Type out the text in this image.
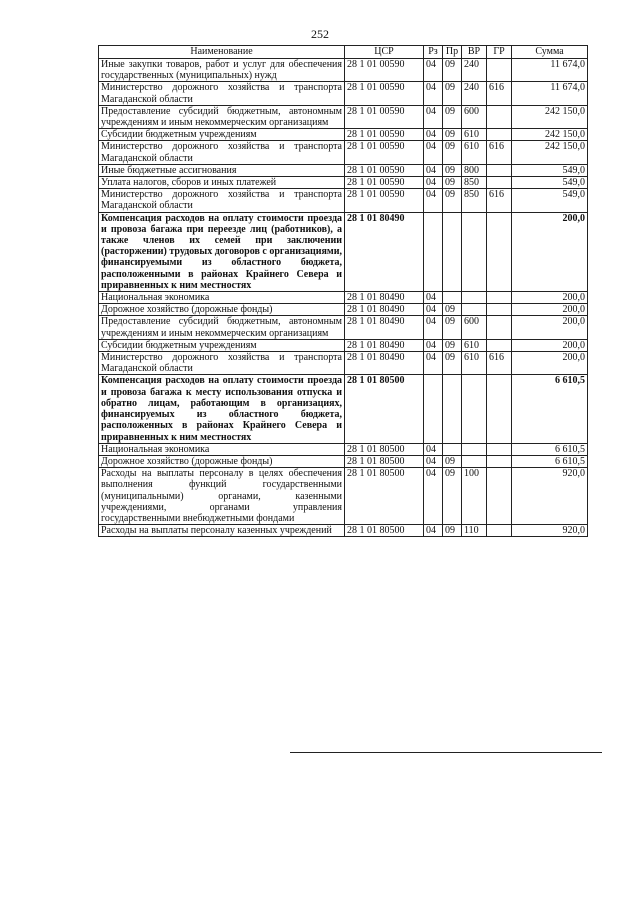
252
Наименование	ЦСР	Рз	Пр	ВР	ГР	Сумма
Иные закупки товаров, работ и услуг для обеспечения государственных (муниципальных) нужд	28 1 01 00590	04	09	240		11 674,0
Министерство дорожного хозяйства и транспорта Магаданской области	28 1 01 00590	04	09	240	616	11 674,0
Предоставление субсидий бюджетным, автономным учреждениям и иным некоммерческим организациям	28 1 01 00590	04	09	600		242 150,0
Субсидии бюджетным учреждениям	28 1 01 00590	04	09	610		242 150,0
Министерство дорожного хозяйства и транспорта Магаданской области	28 1 01 00590	04	09	610	616	242 150,0
Иные бюджетные ассигнования	28 1 01 00590	04	09	800		549,0
Уплата налогов, сборов и иных платежей	28 1 01 00590	04	09	850		549,0
Министерство дорожного хозяйства и транспорта Магаданской области	28 1 01 00590	04	09	850	616	549,0
Компенсация расходов на оплату стоимости проезда и провоза багажа при переезде лиц (работников), а также членов их семей при заключении (расторжении) трудовых договоров с организациями, финансируемыми из областного бюджета, расположенными в районах Крайнего Севера и приравненных к ним местностях	28 1 01 80490					200,0
Национальная экономика	28 1 01 80490	04				200,0
Дорожное хозяйство (дорожные фонды)	28 1 01 80490	04	09			200,0
Предоставление субсидий бюджетным, автономным учреждениям и иным некоммерческим организациям	28 1 01 80490	04	09	600		200,0
Субсидии бюджетным учреждениям	28 1 01 80490	04	09	610		200,0
Министерство дорожного хозяйства и транспорта Магаданской области	28 1 01 80490	04	09	610	616	200,0
Компенсация расходов на оплату стоимости проезда и провоза багажа к месту использования отпуска и обратно лицам, работающим в организациях, финансируемых из областного бюджета, расположенных в районах Крайнего Севера и приравненных к ним местностях	28 1 01 80500					6 610,5
Национальная экономика	28 1 01 80500	04				6 610,5
Дорожное хозяйство (дорожные фонды)	28 1 01 80500	04	09			6 610,5
Расходы на выплаты персоналу в целях обеспечения выполнения функций государственными (муниципальными) органами, казенными учреждениями, органами управления государственными внебюджетными фондами	28 1 01 80500	04	09	100		920,0
Расходы на выплаты персоналу казенных учреждений	28 1 01 80500	04	09	110		920,0
